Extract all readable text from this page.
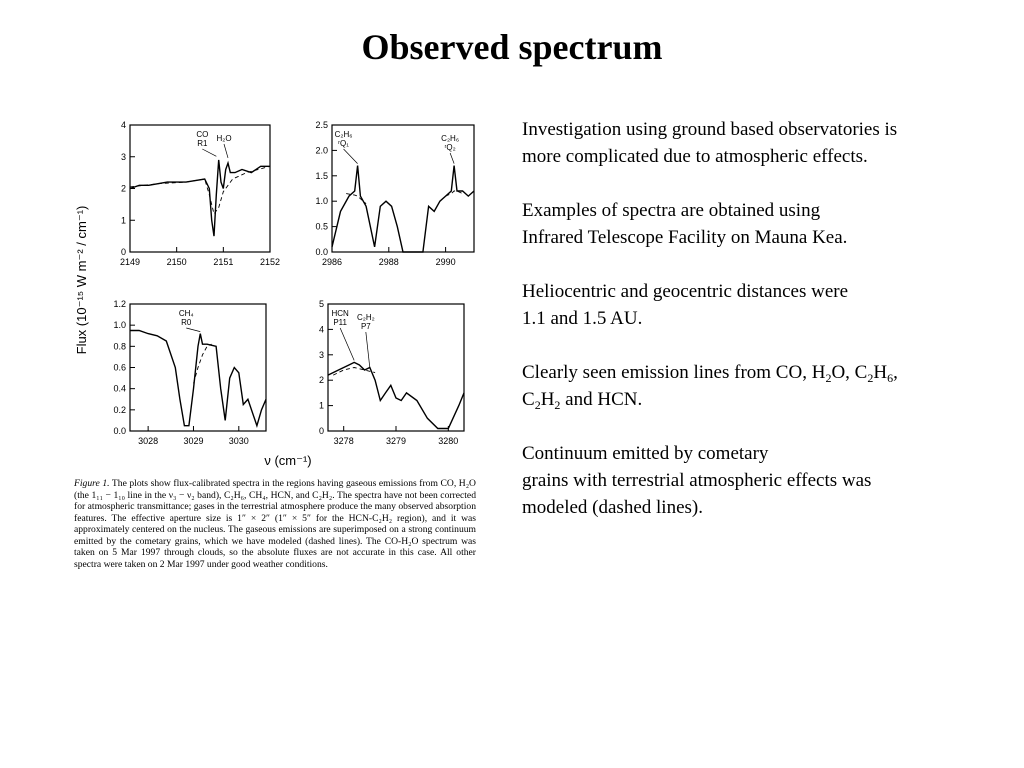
Observed spectrum
Flux (10⁻¹⁵ W m⁻² / cm⁻¹)
ν (cm⁻¹)
0
1
2
3
4
2149	2150	2151	2152
CO
R1
H₂O
0.0
0.5
1.0
1.5
2.0
2.5
2986	2988	2990
C₂H₆
ʳQ₁
C₂H₆
ʳQ₂
0.0
0.2
0.4
0.6
0.8
1.0
1.2
3028	3029	3030
CH₄
R0
0
1
2
3
4
5
3278	3279	3280
HCN
P11
C₂H₂
P7
Figure 1. The plots show flux-calibrated spectra in the regions having gaseous emissions from CO, H₂O (the 1₁₁ − 1₁₀ line in the ν₃ − ν₂ band), C₂H₆, CH₄, HCN, and C₂H₂. The spectra have not been corrected for atmospheric transmittance; gases in the terrestrial atmosphere produce the many observed absorption features. The effective aperture size is 1″ × 2″ (1″ × 5″ for the HCN-C₂H₂ region), and it was approximately centered on the nucleus. The gaseous emissions are superimposed on a strong continuum emitted by the cometary grains, which we have modeled (dashed lines). The CO-H₂O spectrum was taken on 5 Mar 1997 through clouds, so the absolute fluxes are not accurate in this case. All other spectra were taken on 2 Mar 1997 under good weather conditions.

Investigation using ground based observatories is
more complicated due to atmospheric effects.

Examples of spectra are obtained using
Infrared Telescope Facility on Mauna Kea.

Heliocentric and geocentric distances were
1.1 and 1.5 AU.

Clearly seen emission lines from CO, $H_2O$, $C_2H_6$,
$C_2H_2$ and HCN.

Continuum emitted by cometary
grains with terrestrial atmospheric effects was
modeled (dashed lines).
